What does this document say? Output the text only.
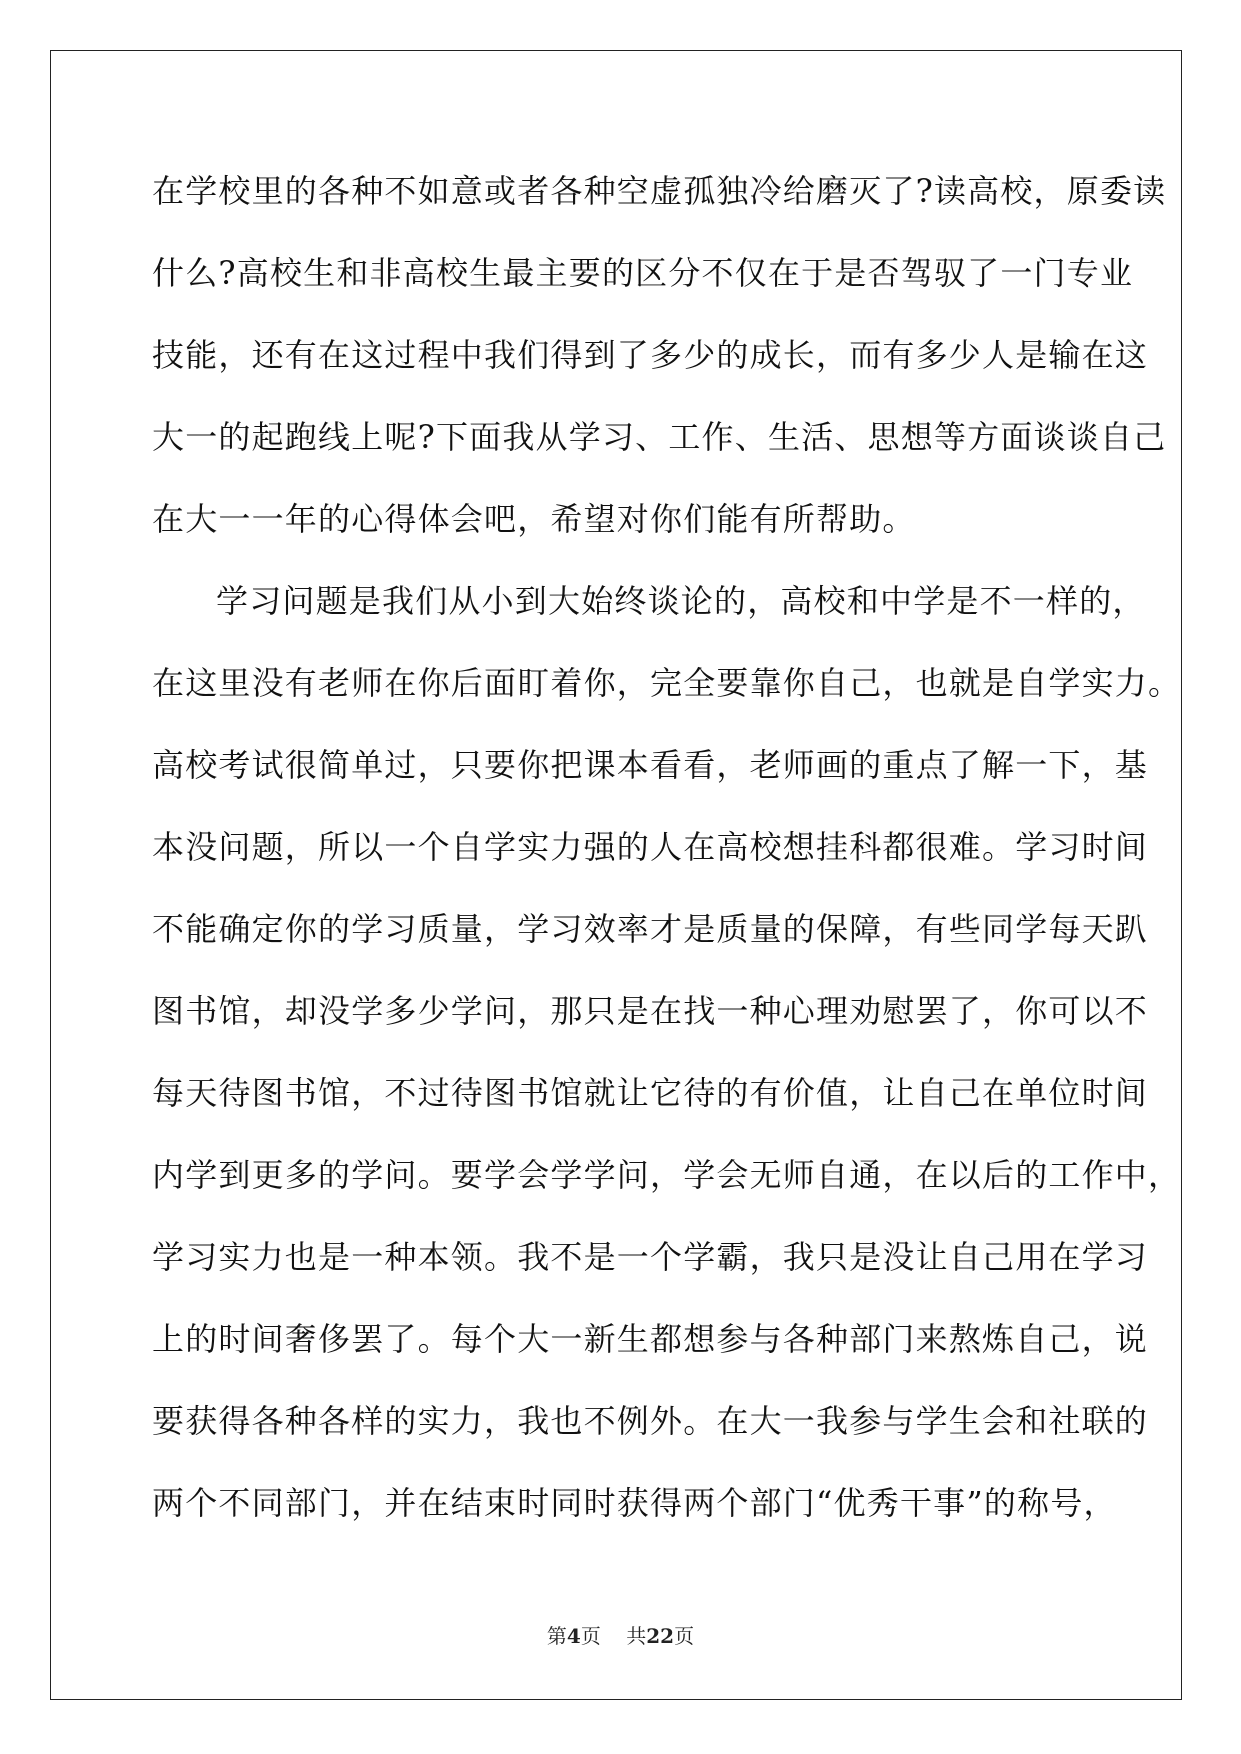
在学校里的各种不如意或者各种空虚孤独冷给磨灭了?读高校，原委读
什么?高校生和非高校生最主要的区分不仅在于是否驾驭了一门专业
技能，还有在这过程中我们得到了多少的成长，而有多少人是输在这
大一的起跑线上呢?下面我从学习、工作、生活、思想等方面谈谈自己
在大一一年的心得体会吧，希望对你们能有所帮助。
学习问题是我们从小到大始终谈论的，高校和中学是不一样的，
在这里没有老师在你后面盯着你，完全要靠你自己，也就是自学实力。
高校考试很简单过，只要你把课本看看，老师画的重点了解一下，基
本没问题，所以一个自学实力强的人在高校想挂科都很难。学习时间
不能确定你的学习质量，学习效率才是质量的保障，有些同学每天趴
图书馆，却没学多少学问，那只是在找一种心理劝慰罢了，你可以不
每天待图书馆，不过待图书馆就让它待的有价值，让自己在单位时间
内学到更多的学问。要学会学学问，学会无师自通，在以后的工作中，
学习实力也是一种本领。我不是一个学霸，我只是没让自己用在学习
上的时间奢侈罢了。每个大一新生都想参与各种部门来熬炼自己，说
要获得各种各样的实力，我也不例外。在大一我参与学生会和社联的
两个不同部门，并在结束时同时获得两个部门“优秀干事”的称号，
第4页 共22页
